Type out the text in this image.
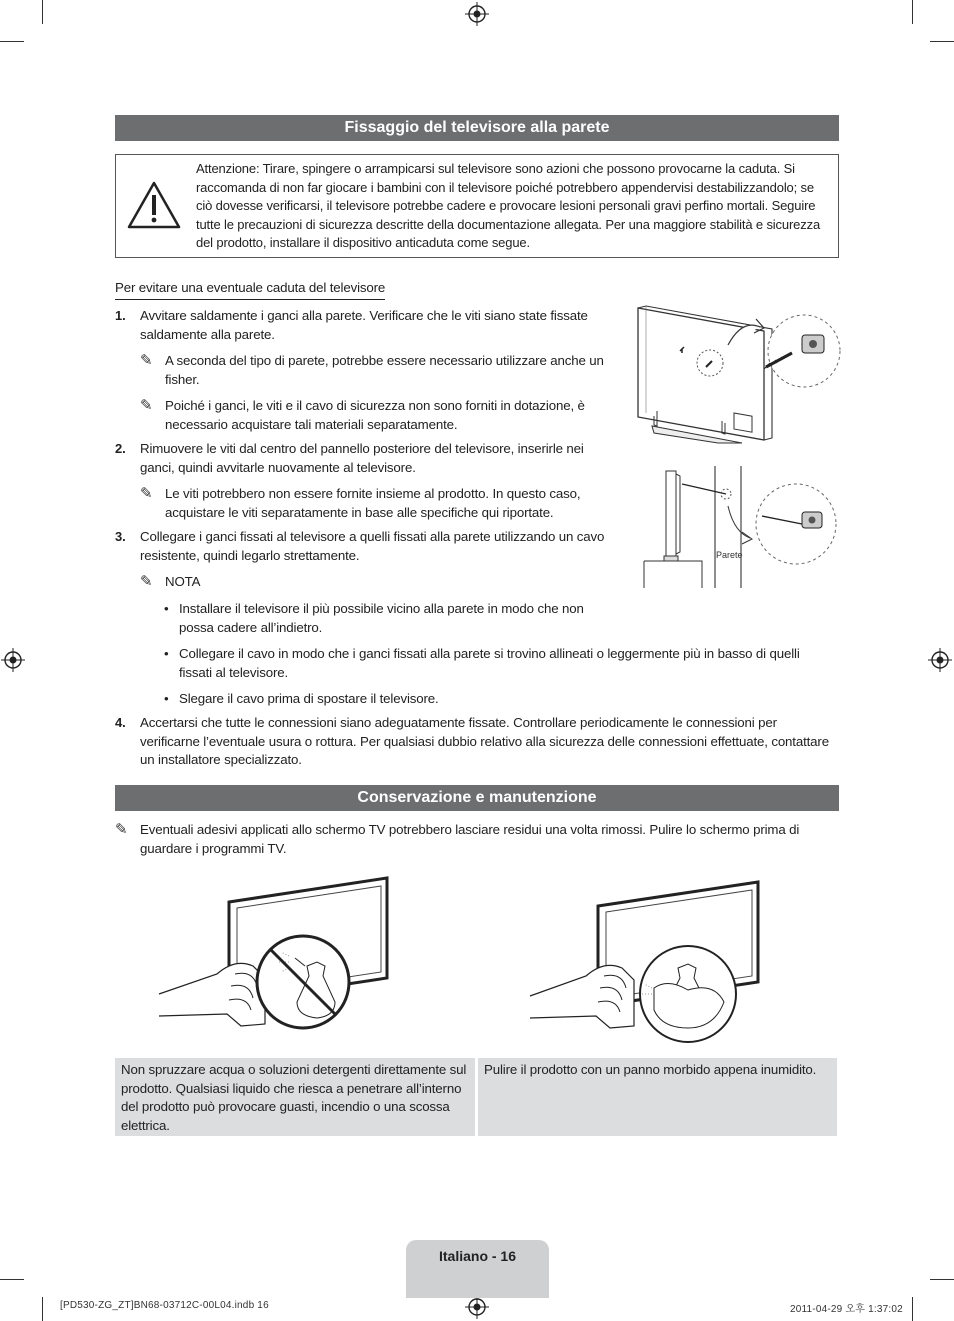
Fissaggio del televisore alla parete
Attenzione: Tirare, spingere o arrampicarsi sul televisore sono azioni che possono provocarne la caduta. Si raccomanda di non far giocare i bambini con il televisore poiché potrebbero appendervisi destabilizzandolo; se ciò dovesse verificarsi, il televisore potrebbe cadere e provocare lesioni personali gravi perfino mortali. Seguire tutte le precauzioni di sicurezza descritte della documentazione allegata. Per una maggiore stabilità e sicurezza del prodotto, installare il dispositivo anticaduta come segue.
Per evitare una eventuale caduta del televisore
1. Avvitare saldamente i ganci alla parete. Verificare che le viti siano state fissate saldamente alla parete.
✎ A seconda del tipo di parete, potrebbe essere necessario utilizzare anche un fisher.
✎ Poiché i ganci, le viti e il cavo di sicurezza non sono forniti in dotazione, è necessario acquistare tali materiali separatamente.
2. Rimuovere le viti dal centro del pannello posteriore del televisore, inserirle nei ganci, quindi avvitarle nuovamente al televisore.
✎ Le viti potrebbero non essere fornite insieme al prodotto. In questo caso, acquistare le viti separatamente in base alle specifiche qui riportate.
3. Collegare i ganci fissati al televisore a quelli fissati alla parete utilizzando un cavo resistente, quindi legarlo strettamente.
✎ NOTA
• Installare il televisore il più possibile vicino alla parete in modo che non possa cadere all’indietro.
• Collegare il cavo in modo che i ganci fissati alla parete si trovino allineati o leggermente più in basso di quelli fissati al televisore.
• Slegare il cavo prima di spostare il televisore.
4. Accertarsi che tutte le connessioni siano adeguatamente fissate. Controllare periodicamente le connessioni per verificarne l’eventuale usura o rottura. Per qualsiasi dubbio relativo alla sicurezza delle connessioni effettuate, contattare un installatore specializzato.
Parete
Conservazione e manutenzione
✎ Eventuali adesivi applicati allo schermo TV potrebbero lasciare residui una volta rimossi. Pulire lo schermo prima di guardare i programmi TV.
Non spruzzare acqua o soluzioni detergenti direttamente sul prodotto. Qualsiasi liquido che riesca a penetrare all’interno del prodotto può provocare guasti, incendio o una scossa elettrica.
Pulire il prodotto con un panno morbido appena inumidito.
Italiano - 16
[PD530-ZG_ZT]BN68-03712C-00L04.indb 16	2011-04-29 오후 1:37:02
